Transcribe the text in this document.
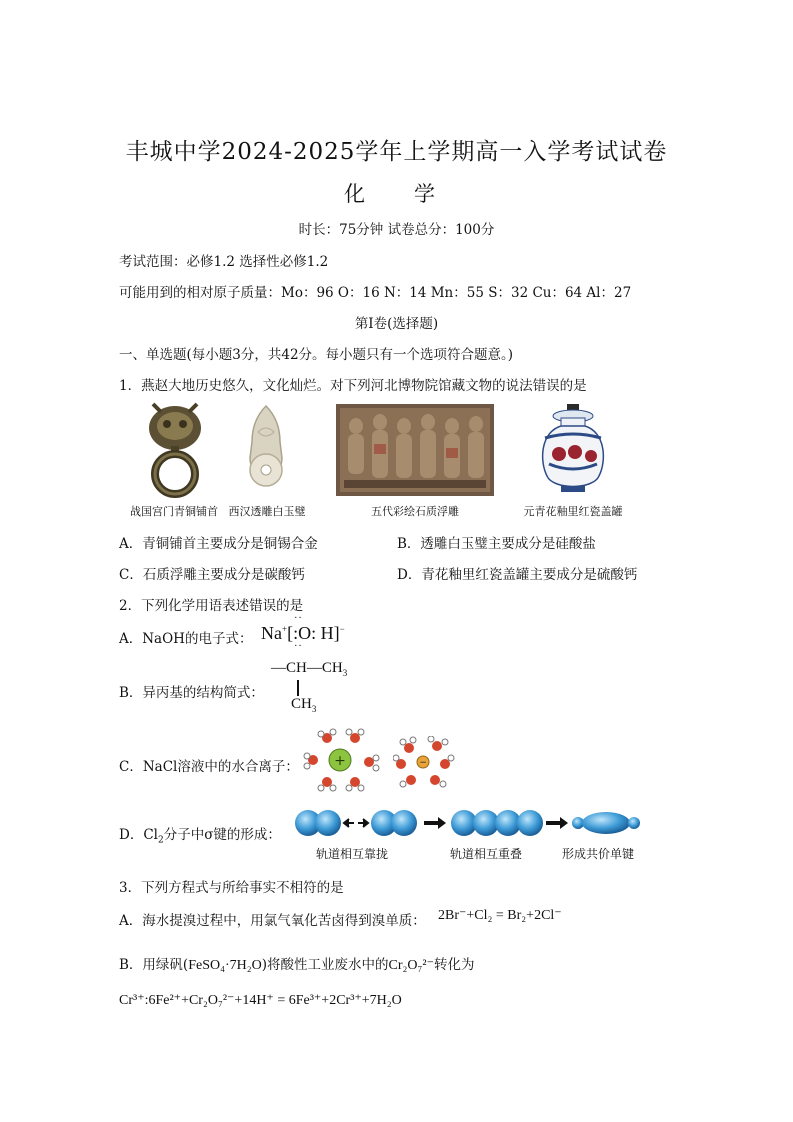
丰城中学2024-2025学年上学期高一入学考试试卷
化　学
时长：75分钟 试卷总分：100分
考试范围：必修1.2 选择性必修1.2
可能用到的相对原子质量：Mo：96 O：16 N：14 Mn：55 S：32 Cu：64 Al：27
第Ⅰ卷(选择题)
一、单选题(每小题3分，共42分。每小题只有一个选项符合题意。)
1．燕赵大地历史悠久，文化灿烂。对下列河北博物院馆藏文物的说法错误的是
战国宫门青铜铺首 西汉透雕白玉璧	五代彩绘石质浮雕	元青花釉里红瓷盖罐
A．青铜铺首主要成分是铜锡合金	B．透雕白玉璧主要成分是硅酸盐
C．石质浮雕主要成分是碳酸钙	D．青花釉里红瓷盖罐主要成分是硫酸钙
2．下列化学用语表述错误的是
A．NaOH的电子式： Na+[
··
:O:
··
H]−
B．异丙基的结构简式：
$—CH—CH_3$
$CH_3$
C．NaCl溶液中的水合离子：	+	−
D．$Cl_2$分子中σ键的形成：
轨道相互靠拢	轨道相互重叠	形成共价单键
3．下列方程式与所给事实不相符的是
A．海水提溴过程中，用氯气氧化苦卤得到溴单质： 2Br⁻+Cl₂ = Br₂+2Cl⁻
B．用绿矾(FeSO₄·7H₂O)将酸性工业废水中的Cr₂O₇²⁻转化为
Cr³⁺:6Fe²⁺+Cr₂O₇²⁻+14H⁺ = 6Fe³⁺+2Cr³⁺+7H₂O
